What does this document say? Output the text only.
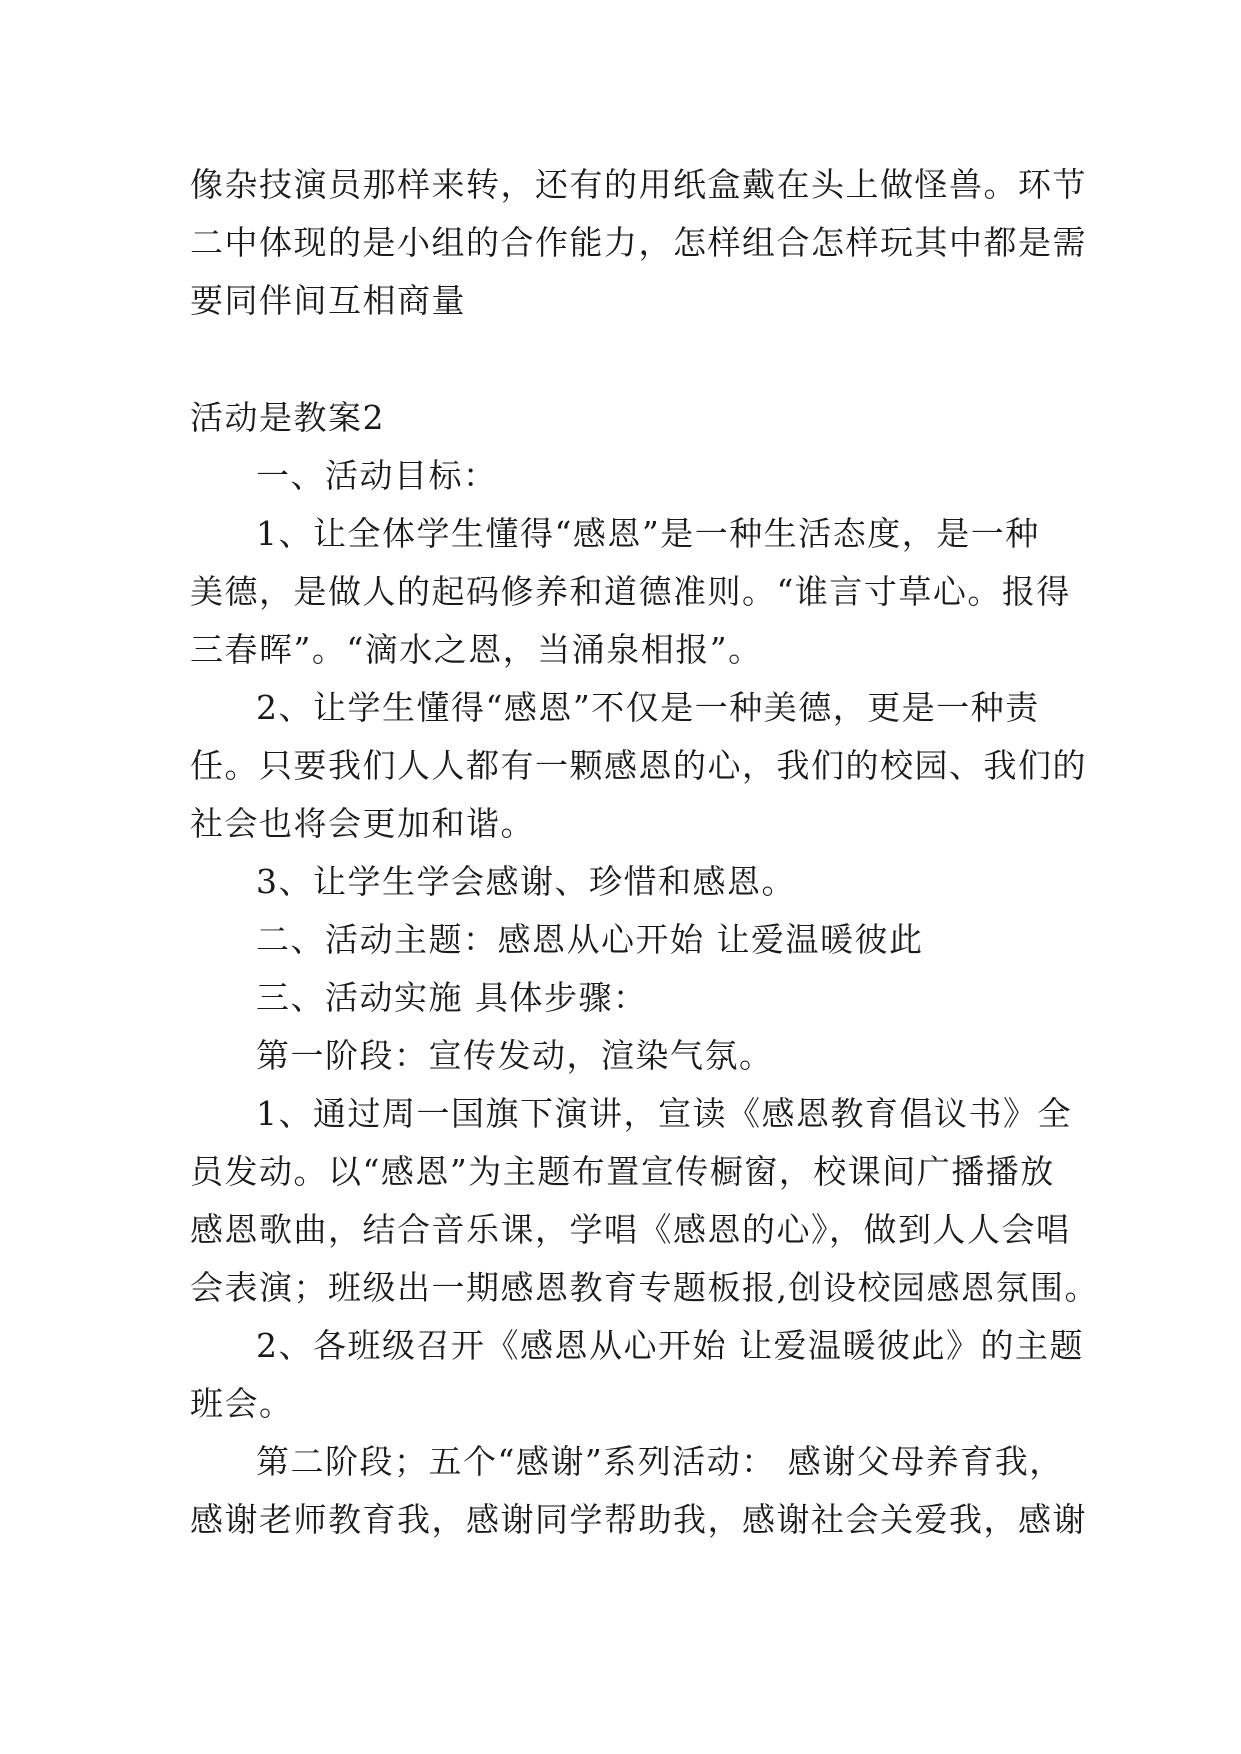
像杂技演员那样来转，还有的用纸盒戴在头上做怪兽。环节
二中体现的是小组的合作能力，怎样组合怎样玩其中都是需
要同伴间互相商量
活动是教案2
一、活动目标：
1、让全体学生懂得“感恩”是一种生活态度，是一种
美德，是做人的起码修养和道德准则。“谁言寸草心。报得
三春晖”。“滴水之恩，当涌泉相报”。
2、让学生懂得“感恩”不仅是一种美德，更是一种责
任。只要我们人人都有一颗感恩的心，我们的校园、我们的
社会也将会更加和谐。
3、让学生学会感谢、珍惜和感恩。
二、活动主题：感恩从心开始 让爱温暖彼此
三、活动实施 具体步骤：
第一阶段：宣传发动，渲染气氛。
1、通过周一国旗下演讲，宣读《感恩教育倡议书》全
员发动。以“感恩”为主题布置宣传橱窗，校课间广播播放
感恩歌曲，结合音乐课，学唱《感恩的心》，做到人人会唱
会表演；班级出一期感恩教育专题板报,创设校园感恩氛围。
2、各班级召开《感恩从心开始 让爱温暖彼此》的主题
班会。
第二阶段；五个“感谢”系列活动： 感谢父母养育我，
感谢老师教育我，感谢同学帮助我，感谢社会关爱我，感谢
